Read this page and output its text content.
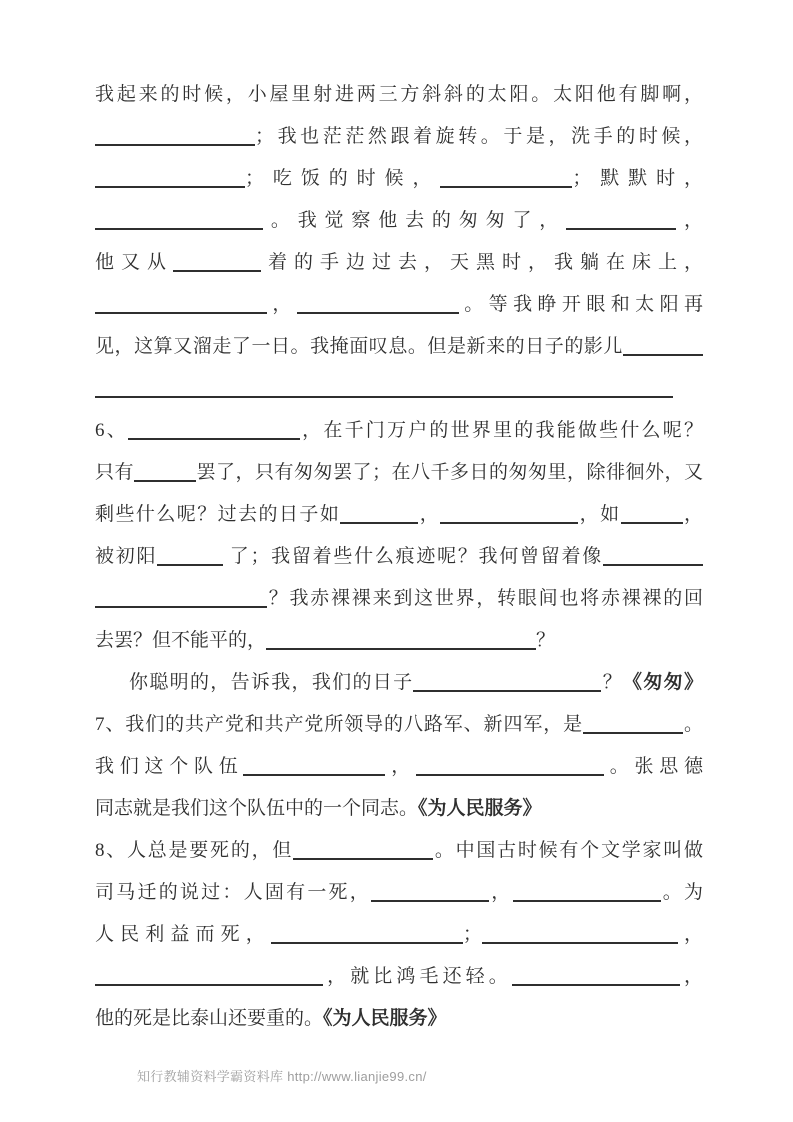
我起来的时候，小屋里射进两三方斜斜的太阳。太阳他有脚啊，
；我也茫茫然跟着旋转。于是，洗手的时候，
；吃饭的时候，	；默默时，
。我觉察他去的匆匆了，	，
他又从	着的手边过去，天黑时，我躺在床上，
，	。等我睁开眼和太阳再
见，这算又溜走了一日。我掩面叹息。但是新来的日子的影儿
6、	，在千门万户的世界里的我能做些什么呢？
只有	罢了，只有匆匆罢了；在八千多日的匆匆里，除徘徊外，又
剩些什么呢？过去的日子如	，	，如	，
被初阳	了；我留着些什么痕迹呢？我何曾留着像
？我赤裸裸来到这世界，转眼间也将赤裸裸的回
去罢？但不能平的，	？
你聪明的，告诉我，我们的日子	？《匆匆》
7、我们的共产党和共产党所领导的八路军、新四军，是	。
我们这个队伍	，	。张思德
同志就是我们这个队伍中的一个同志。《为人民服务》
8、人总是要死的，但	。中国古时候有个文学家叫做
司马迁的说过：人固有一死，	，	。为
人民利益而死，	；	，
，就比鸿毛还轻。	，
他的死是比泰山还要重的。《为人民服务》
知行教辅资料学霸资料库 http://www.lianjie99.cn/
